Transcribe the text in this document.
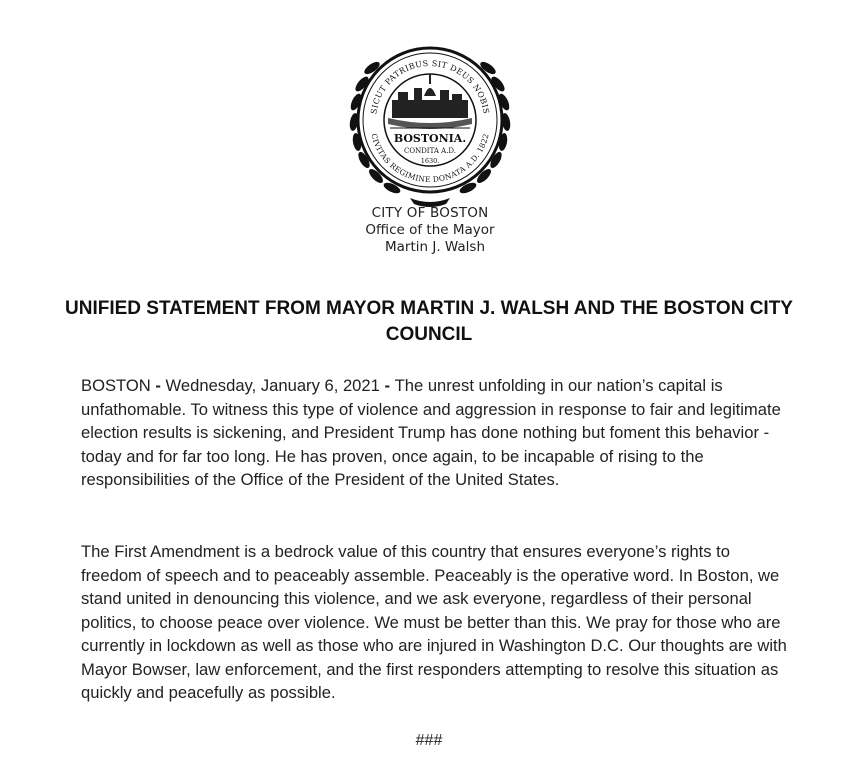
SICUT PATRIBUS SIT DEUS NOBIS
CIVITAS REGIMINE DONATA A.D. 1822
BOSTONIA.
CONDITA A.D.
1630.
CITY OF BOSTON
Office of the Mayor
Martin J. Walsh
UNIFIED STATEMENT FROM MAYOR MARTIN J. WALSH AND THE BOSTON CITY COUNCIL

BOSTON - Wednesday, January 6, 2021 - The unrest unfolding in our nation’s capital is unfathomable. To witness this type of violence and aggression in response to fair and legitimate election results is sickening, and President Trump has done nothing but foment this behavior - today and for far too long. He has proven, once again, to be incapable of rising to the responsibilities of the Office of the President of the United States.

The First Amendment is a bedrock value of this country that ensures everyone’s rights to freedom of speech and to peaceably assemble. Peaceably is the operative word. In Boston, we stand united in denouncing this violence, and we ask everyone, regardless of their personal politics, to choose peace over violence. We must be better than this. We pray for those who are currently in lockdown as well as those who are injured in Washington D.C. Our thoughts are with Mayor Bowser, law enforcement, and the first responders attempting to resolve this situation as quickly and peacefully as possible.

###
